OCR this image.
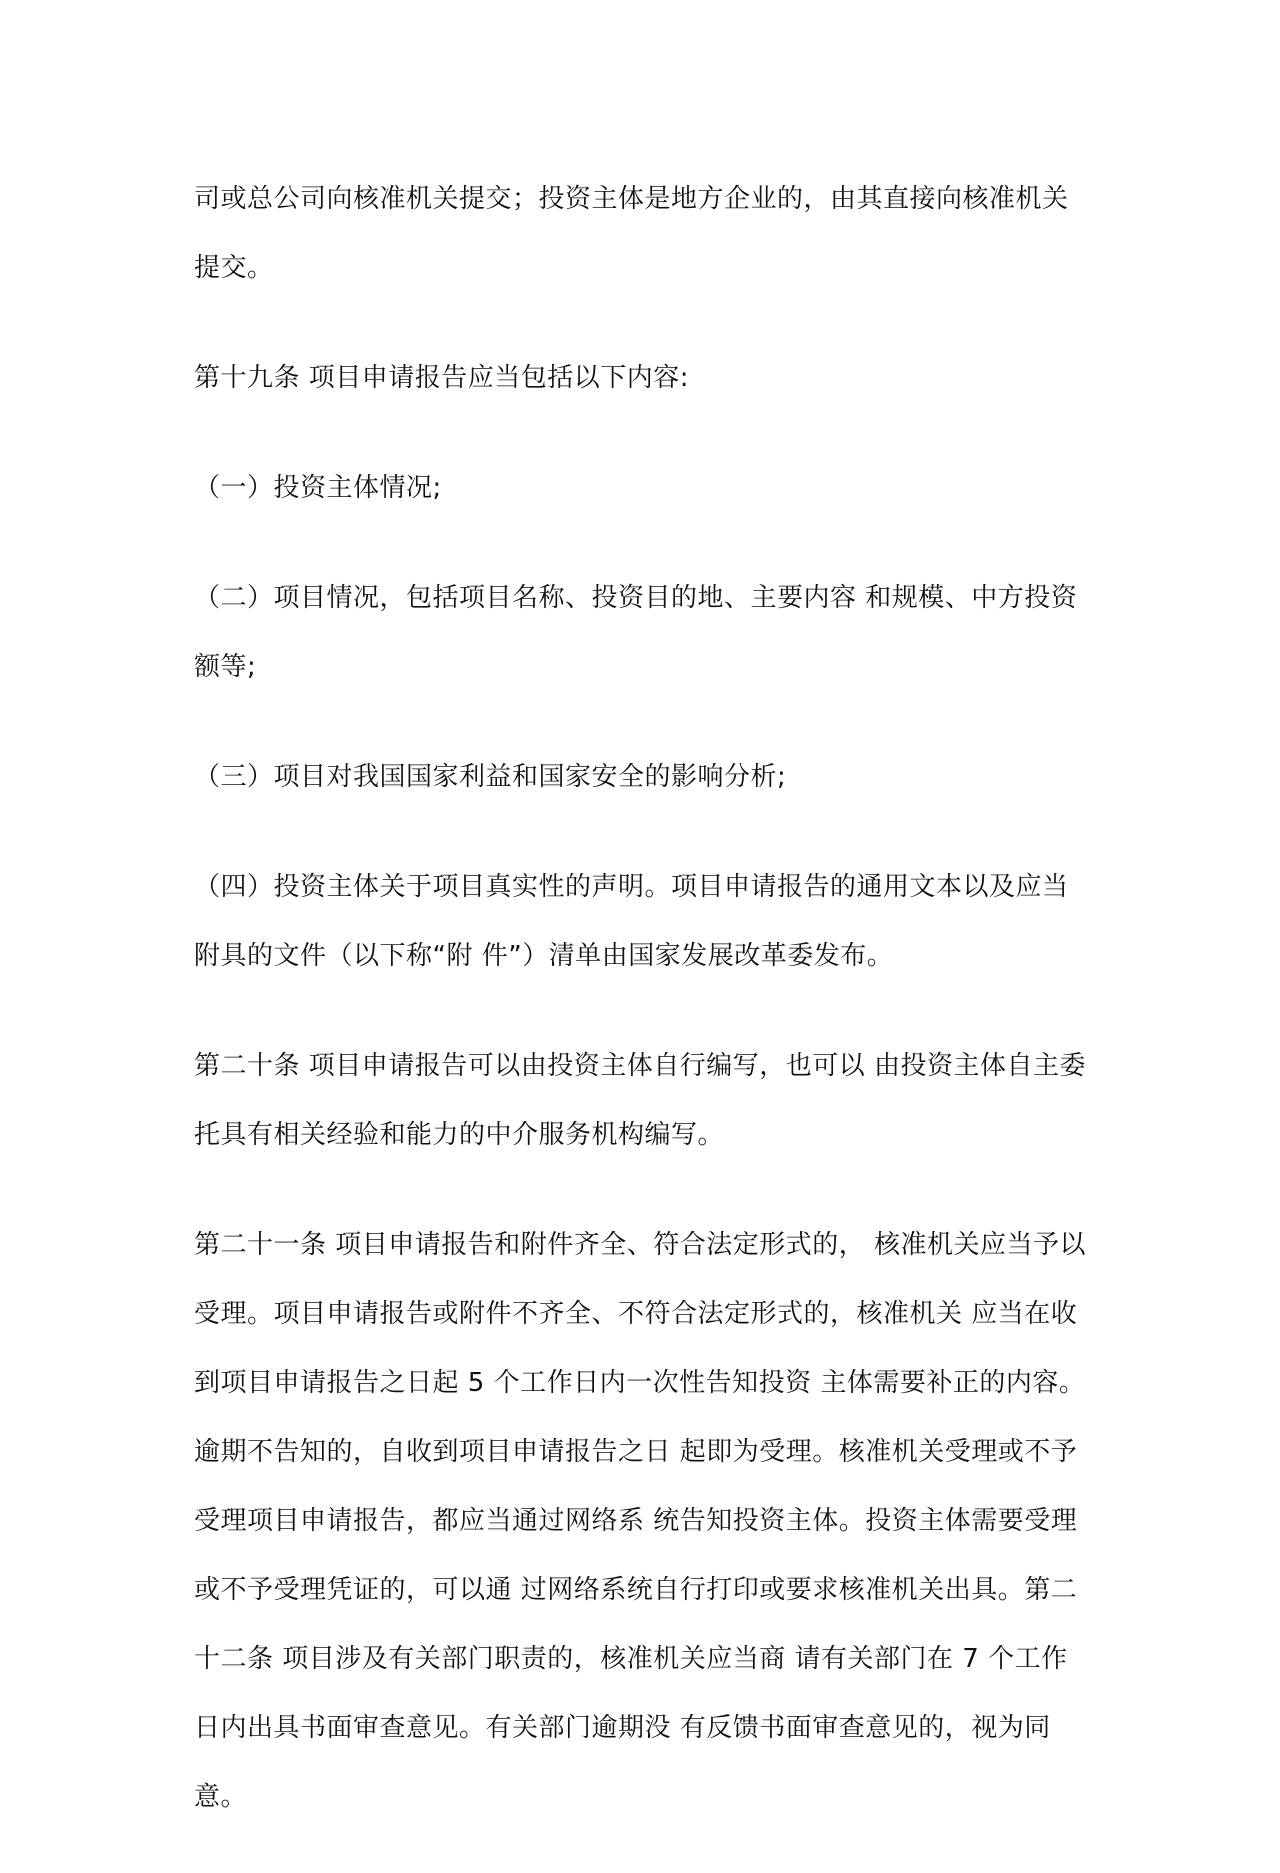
司或总公司向核准机关提交；投资主体是地方企业的，由其直接向核准机关提交。

第十九条 项目申请报告应当包括以下内容:

（一）投资主体情况;

（二）项目情况，包括项目名称、投资目的地、主要内容 和规模、中方投资额等;

（三）项目对我国国家利益和国家安全的影响分析;

（四）投资主体关于项目真实性的声明。项目申请报告的通用文本以及应当附具的文件（以下称“附 件”）清单由国家发展改革委发布。

第二十条 项目申请报告可以由投资主体自行编写，也可以 由投资主体自主委托具有相关经验和能力的中介服务机构编写。

第二十一条 项目申请报告和附件齐全、符合法定形式的， 核准机关应当予以受理。项目申请报告或附件不齐全、不符合法定形式的，核准机关 应当在收到项目申请报告之日起 5 个工作日内一次性告知投资 主体需要补正的内容。逾期不告知的，自收到项目申请报告之日 起即为受理。核准机关受理或不予受理项目申请报告，都应当通过网络系 统告知投资主体。投资主体需要受理或不予受理凭证的，可以通 过网络系统自行打印或要求核准机关出具。第二十二条 项目涉及有关部门职责的，核准机关应当商 请有关部门在 7 个工作日内出具书面审查意见。有关部门逾期没 有反馈书面审查意见的，视为同意。
